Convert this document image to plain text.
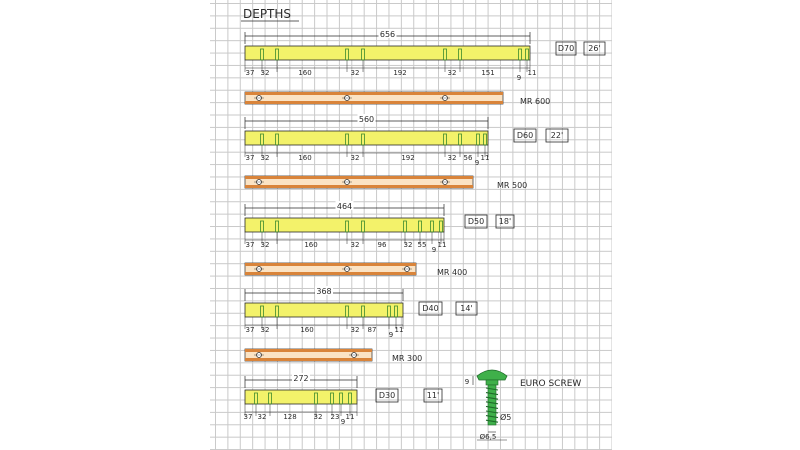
DEPTHS
656
37 32	160	32	192	32	151
9
11
D70 26'
MR 600
560
37 32	160	32	192	32 56
9
11
D60 22'
MR 500
464
37 32	160	32	96 32 55
9
11
D50 18'
MR 400
368
37 32	160	32 87
9
11
D40	14'
MR 300
272
37 32 128 32 23
9
11
D30	11'
9
Ø5
Ø6,5
EURO SCREW
